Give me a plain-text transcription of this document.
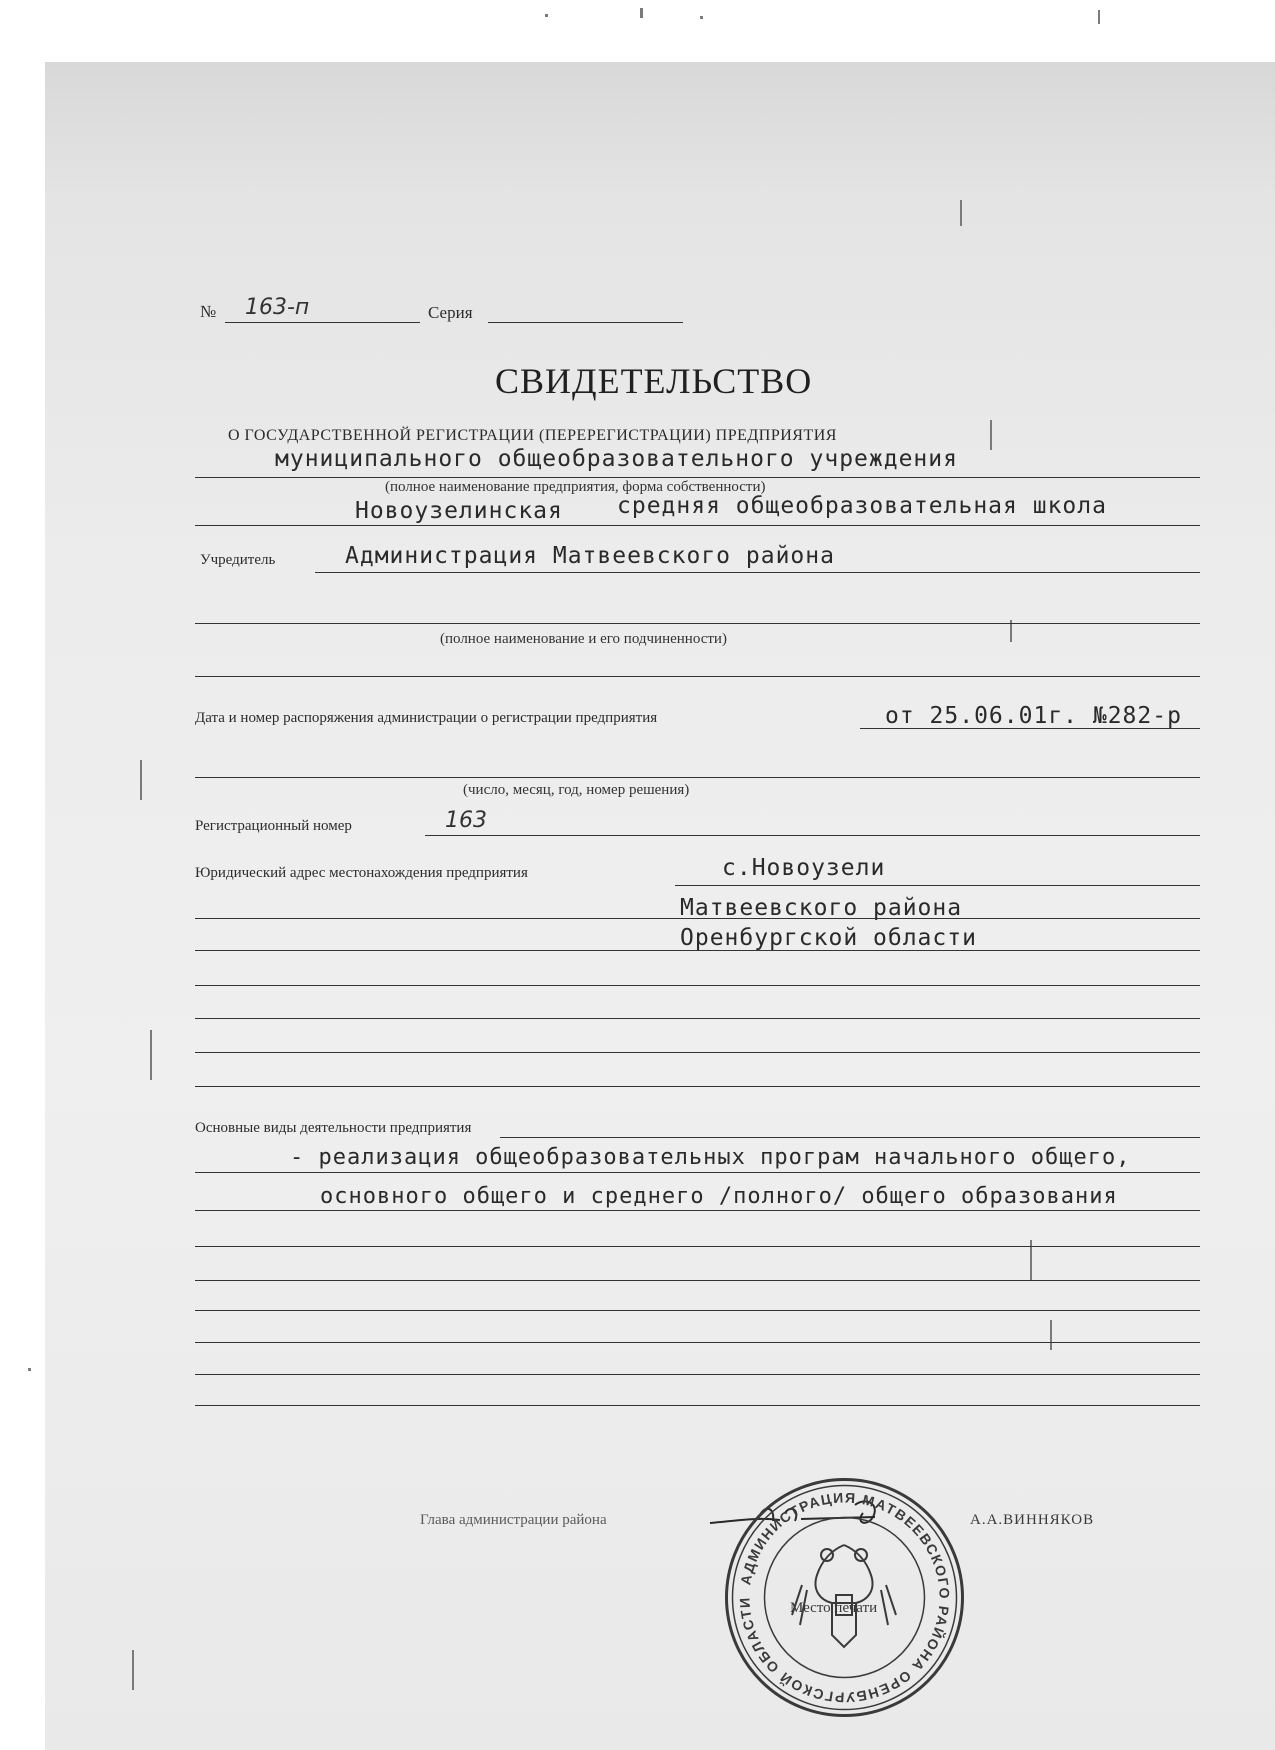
№ 163-п	Серия
СВИДЕТЕЛЬСТВО
О ГОСУДАРСТВЕННОЙ РЕГИСТРАЦИИ (ПЕРЕРЕГИСТРАЦИИ) ПРЕДПРИЯТИЯ
муниципального общеобразовательного учреждения
(полное наименование предприятия, форма собственности)
Новоузелинская средняя общеобразовательная школа
Учредитель	Администрация Матвеевского района
(полное наименование и его подчиненности)
Дата и номер распоряжения администрации о регистрации предприятия	от 25.06.01г. №282-р
(число, месяц, год, номер решения)
Регистрационный номер	163
Юридический адрес местонахождения предприятия	с.Новоузели
Матвеевского района
Оренбургской области
Основные виды деятельности предприятия
- реализация общеобразовательных програм начального общего,
основного общего и среднего /полного/ общего образования
Глава администрации района	А.А.ВИННЯКОВ
АДМИНИСТРАЦИЯ МАТВЕЕВСКОГО РАЙОНА ОРЕНБУРГСКОЙ ОБЛАСТИ	Место печати
